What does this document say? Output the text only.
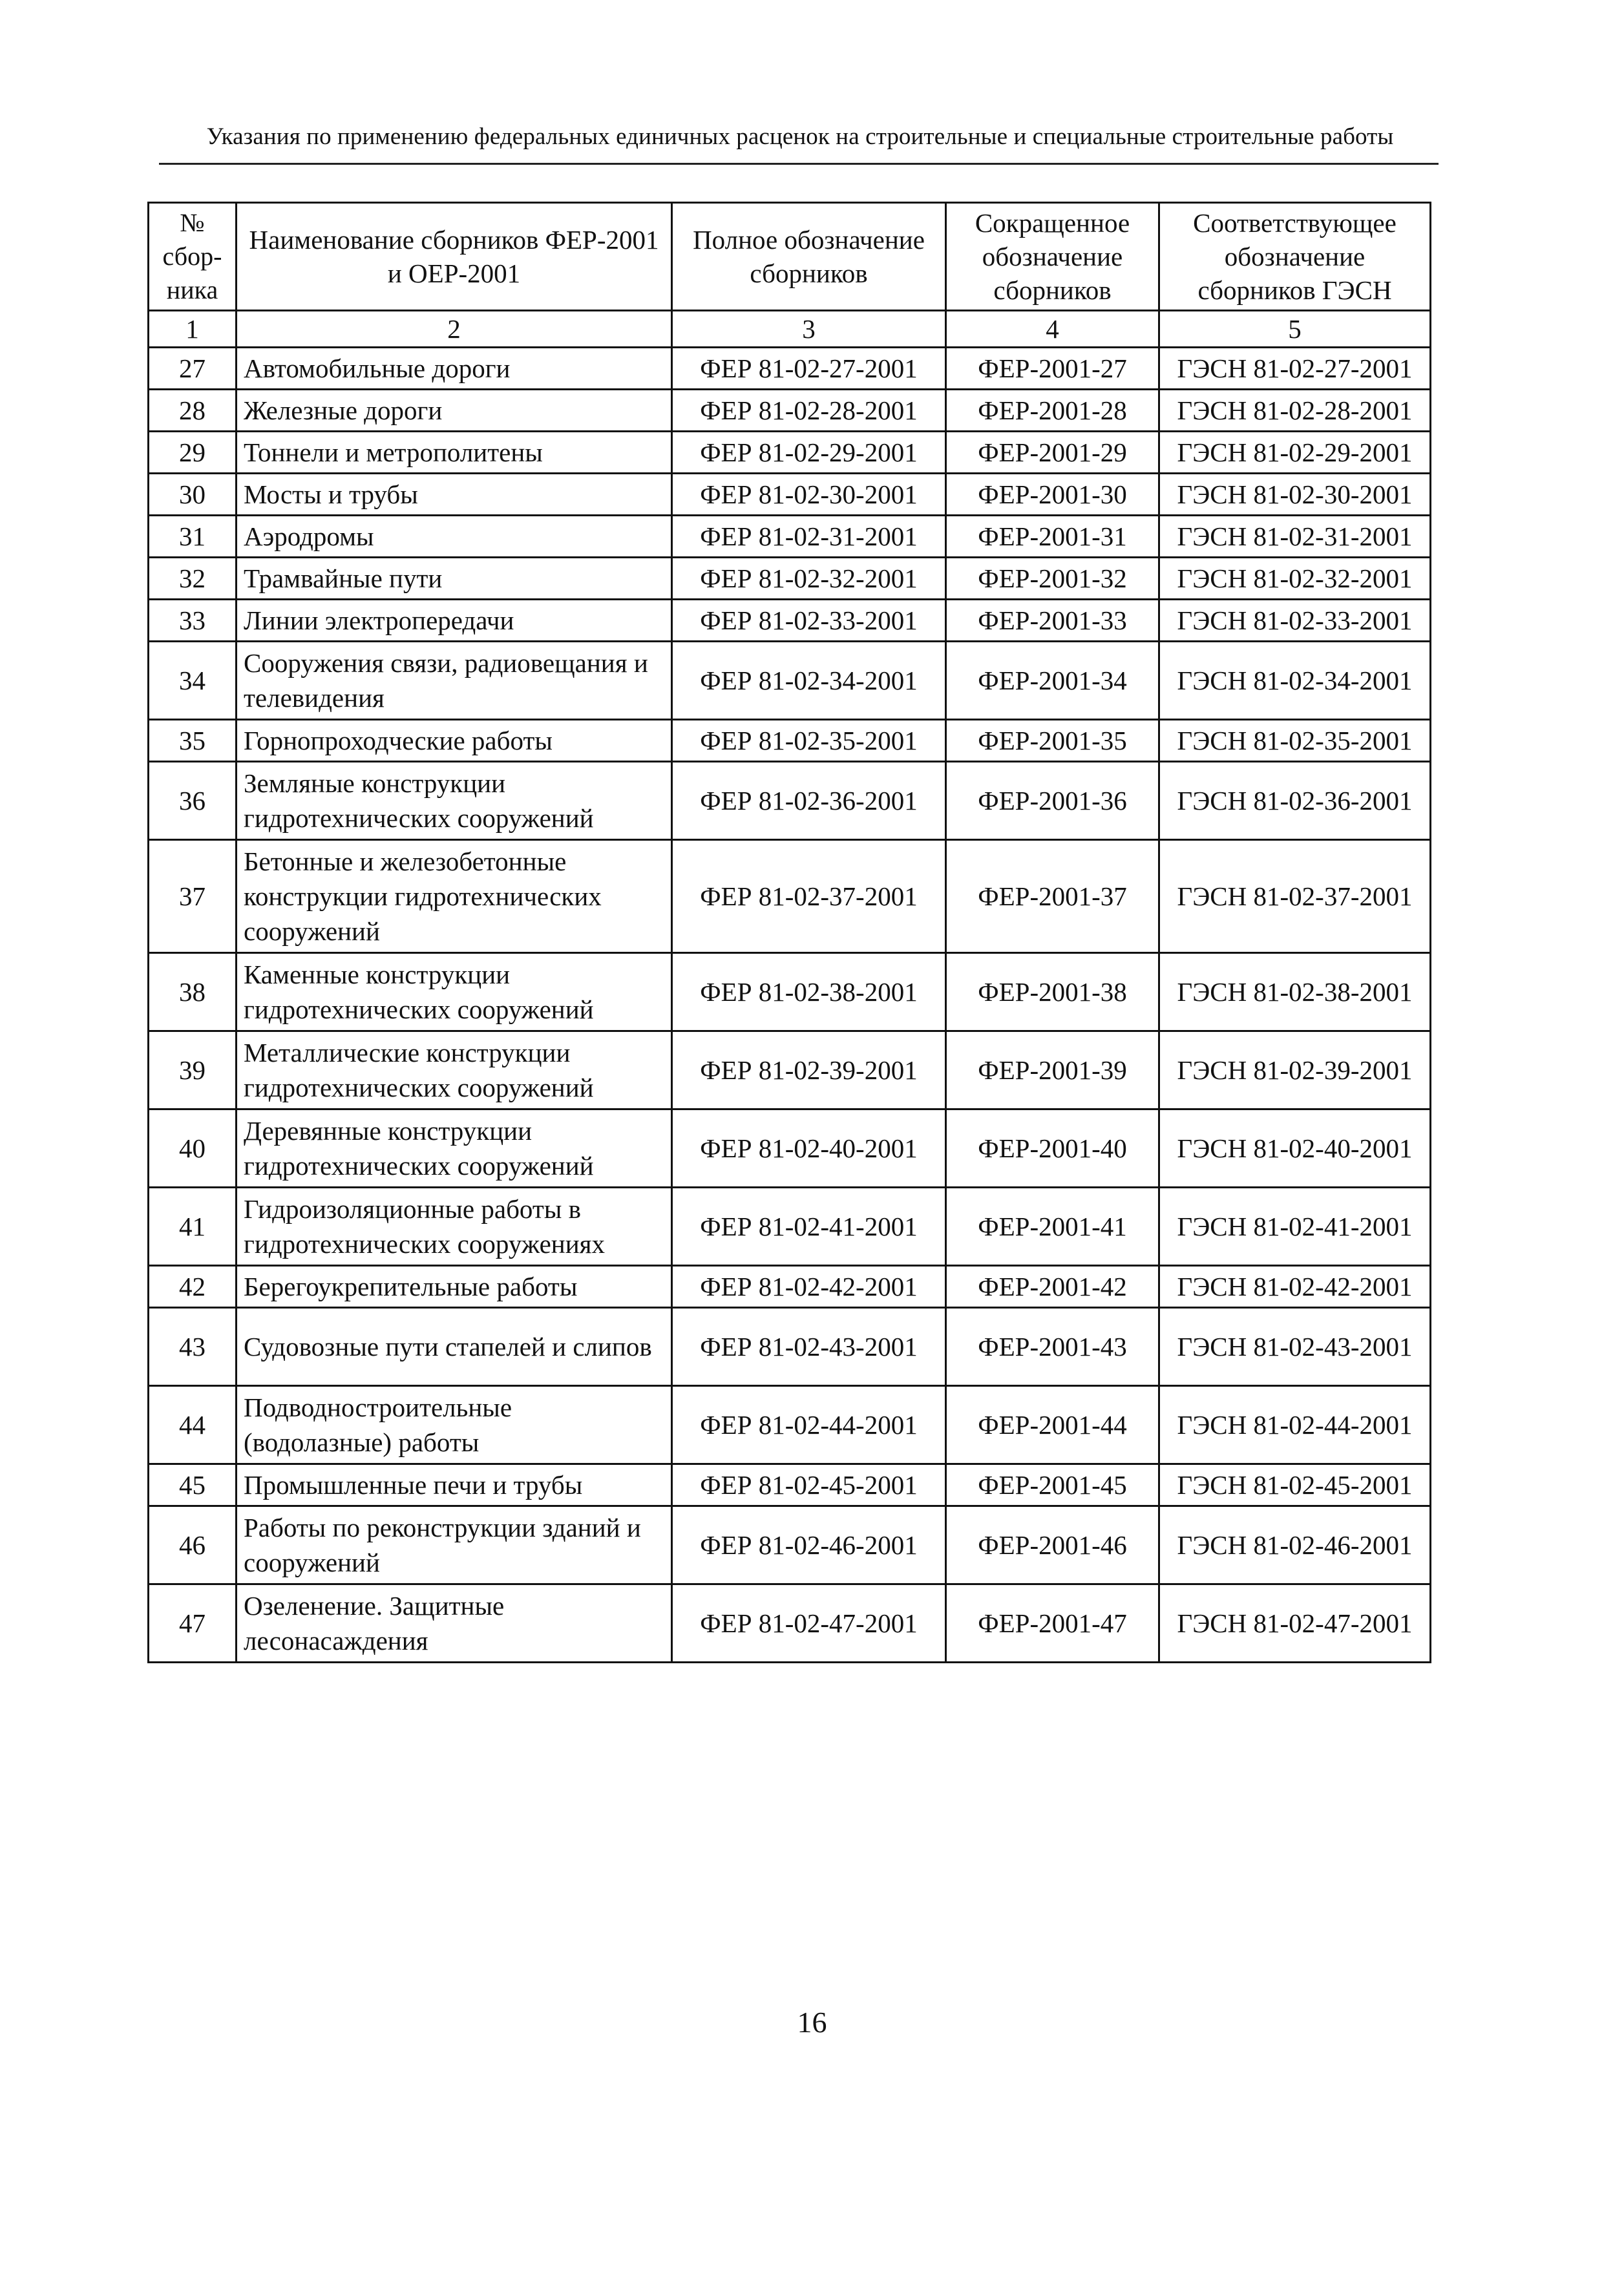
Указания по применению федеральных единичных расценок на строительные и специальные строительные работы
№ сбор-ника	Наименование сборников ФЕР-2001 и ОЕР-2001	Полное обозначение сборников	Сокращенное обозначение сборников	Соответствующее обозначение сборников ГЭСН
1	2	3	4	5
27	Автомобильные дороги	ФЕР 81-02-27-2001	ФЕР-2001-27	ГЭСН 81-02-27-2001
28	Железные дороги	ФЕР 81-02-28-2001	ФЕР-2001-28	ГЭСН 81-02-28-2001
29	Тоннели и метрополитены	ФЕР 81-02-29-2001	ФЕР-2001-29	ГЭСН 81-02-29-2001
30	Мосты и трубы	ФЕР 81-02-30-2001	ФЕР-2001-30	ГЭСН 81-02-30-2001
31	Аэродромы	ФЕР 81-02-31-2001	ФЕР-2001-31	ГЭСН 81-02-31-2001
32	Трамвайные пути	ФЕР 81-02-32-2001	ФЕР-2001-32	ГЭСН 81-02-32-2001
33	Линии электропередачи	ФЕР 81-02-33-2001	ФЕР-2001-33	ГЭСН 81-02-33-2001
34	Сооружения связи, радиовещания и телевидения	ФЕР 81-02-34-2001	ФЕР-2001-34	ГЭСН 81-02-34-2001
35	Горнопроходческие работы	ФЕР 81-02-35-2001	ФЕР-2001-35	ГЭСН 81-02-35-2001
36	Земляные конструкции гидротехнических сооружений	ФЕР 81-02-36-2001	ФЕР-2001-36	ГЭСН 81-02-36-2001
37	Бетонные и железобетонные конструкции гидротехнических сооружений	ФЕР 81-02-37-2001	ФЕР-2001-37	ГЭСН 81-02-37-2001
38	Каменные конструкции гидротехнических сооружений	ФЕР 81-02-38-2001	ФЕР-2001-38	ГЭСН 81-02-38-2001
39	Металлические конструкции гидротехнических сооружений	ФЕР 81-02-39-2001	ФЕР-2001-39	ГЭСН 81-02-39-2001
40	Деревянные конструкции гидротехнических сооружений	ФЕР 81-02-40-2001	ФЕР-2001-40	ГЭСН 81-02-40-2001
41	Гидроизоляционные работы в гидротехнических сооружениях	ФЕР 81-02-41-2001	ФЕР-2001-41	ГЭСН 81-02-41-2001
42	Берегоукрепительные работы	ФЕР 81-02-42-2001	ФЕР-2001-42	ГЭСН 81-02-42-2001
43	Судовозные пути стапелей и слипов	ФЕР 81-02-43-2001	ФЕР-2001-43	ГЭСН 81-02-43-2001
44	Подводностроительные (водолазные) работы	ФЕР 81-02-44-2001	ФЕР-2001-44	ГЭСН 81-02-44-2001
45	Промышленные печи и трубы	ФЕР 81-02-45-2001	ФЕР-2001-45	ГЭСН 81-02-45-2001
46	Работы по реконструкции зданий и сооружений	ФЕР 81-02-46-2001	ФЕР-2001-46	ГЭСН 81-02-46-2001
47	Озеленение. Защитные лесонасаждения	ФЕР 81-02-47-2001	ФЕР-2001-47	ГЭСН 81-02-47-2001
16
